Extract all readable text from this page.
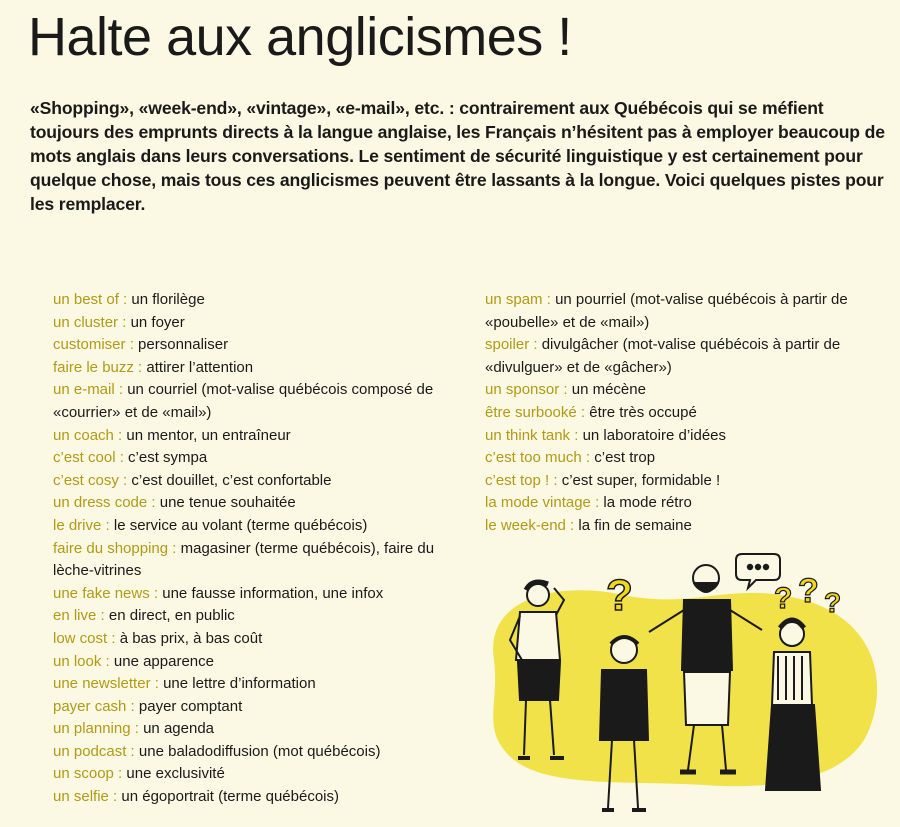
Halte aux anglicismes !

«Shopping», «week-end», «vintage», «e-mail», etc. : contrairement aux Québécois qui se méfient toujours des emprunts directs à la langue anglaise, les Français n’hésitent pas à employer beaucoup de mots anglais dans leurs conversations. Le sentiment de sécurité linguistique y est certainement pour quelque chose, mais tous ces anglicismes peuvent être lassants à la longue. Voici quelques pistes pour les remplacer.

un best of : un florilège
un cluster : un foyer
customiser : personnaliser
faire le buzz : attirer l’attention
un e-mail : un courriel (mot-valise québécois composé de «courrier» et de «mail»)
un coach : un mentor, un entraîneur
c’est cool : c’est sympa
c’est cosy : c’est douillet, c’est confortable
un dress code : une tenue souhaitée
le drive : le service au volant (terme québécois)
faire du shopping : magasiner (terme québécois), faire du lèche-vitrines
une fake news : une fausse information, une infox
en live : en direct, en public
low cost : à bas prix, à bas coût
un look : une apparence
une newsletter : une lettre d’information
payer cash : payer comptant
un planning : un agenda
un podcast : une baladodiffusion (mot québécois)
un scoop : une exclusivité
un selfie : un égoportrait (terme québécois)
un spam : un pourriel (mot-valise québécois à partir de «poubelle» et de «mail»)
spoiler : divulgâcher (mot-valise québécois à partir de «divulguer» et de «gâcher»)
un sponsor : un mécène
être surbooké : être très occupé
un think tank : un laboratoire d’idées
c’est too much : c’est trop
c’est top ! : c’est super, formidable !
la mode vintage : la mode rétro
le week-end : la fin de semaine
?	? ? ?
